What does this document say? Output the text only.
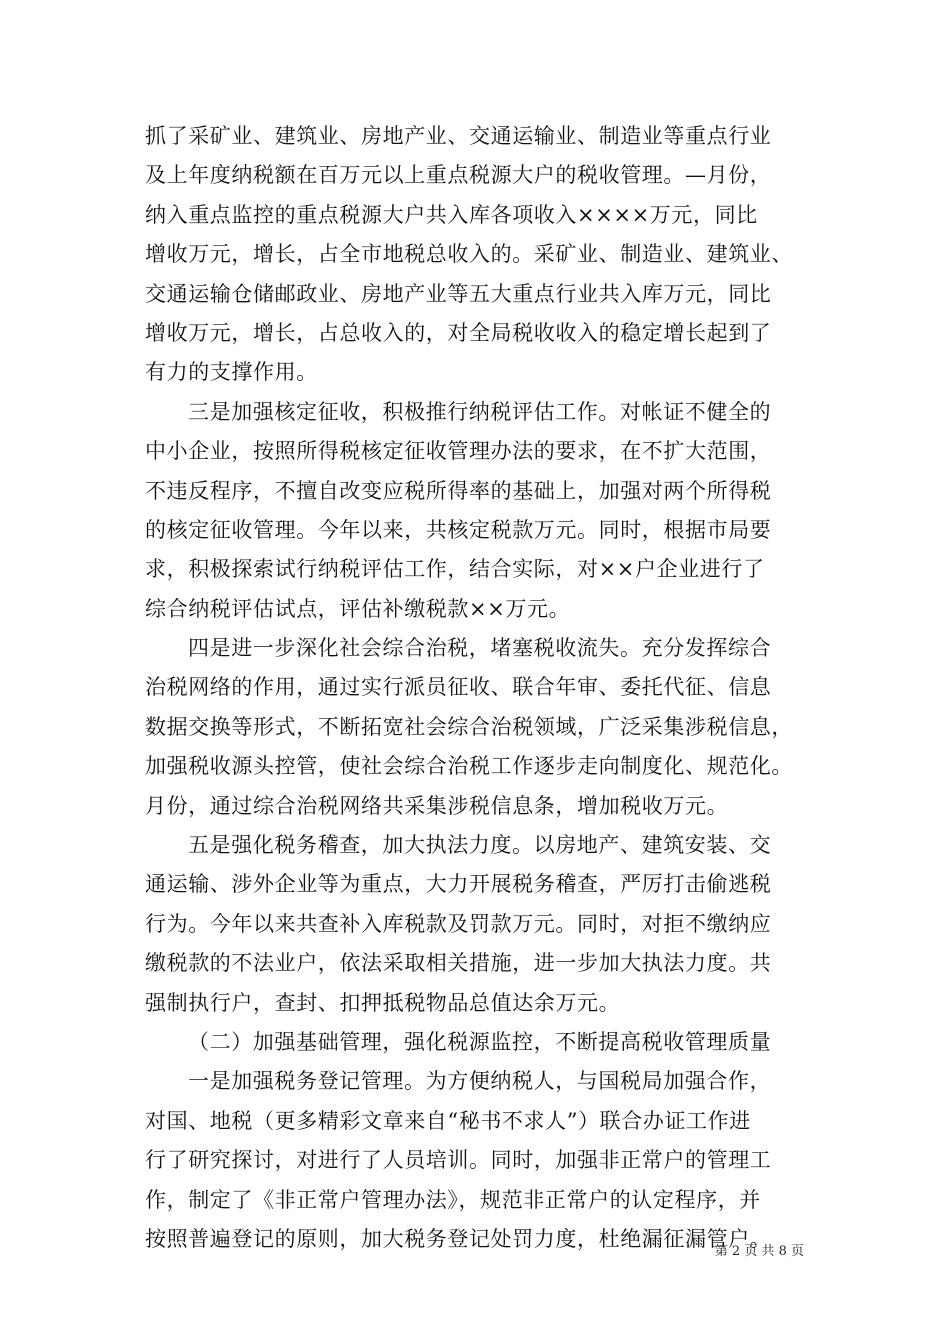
抓了采矿业、建筑业、房地产业、交通运输业、制造业等重点行业
及上年度纳税额在百万元以上重点税源大户的税收管理。—月份，
纳入重点监控的重点税源大户共入库各项收入××××万元，同比
增收万元，增长，占全市地税总收入的。采矿业、制造业、建筑业、
交通运输仓储邮政业、房地产业等五大重点行业共入库万元，同比
增收万元，增长，占总收入的，对全局税收收入的稳定增长起到了
有力的支撑作用。
三是加强核定征收，积极推行纳税评估工作。对帐证不健全的
中小企业，按照所得税核定征收管理办法的要求，在不扩大范围，
不违反程序，不擅自改变应税所得率的基础上，加强对两个所得税
的核定征收管理。今年以来，共核定税款万元。同时，根据市局要
求，积极探索试行纳税评估工作，结合实际，对××户企业进行了
综合纳税评估试点，评估补缴税款××万元。
四是进一步深化社会综合治税，堵塞税收流失。充分发挥综合
治税网络的作用，通过实行派员征收、联合年审、委托代征、信息
数据交换等形式，不断拓宽社会综合治税领域，广泛采集涉税信息，
加强税收源头控管，使社会综合治税工作逐步走向制度化、规范化。
月份，通过综合治税网络共采集涉税信息条，增加税收万元。
五是强化税务稽查，加大执法力度。以房地产、建筑安装、交
通运输、涉外企业等为重点，大力开展税务稽查，严厉打击偷逃税
行为。今年以来共查补入库税款及罚款万元。同时，对拒不缴纳应
缴税款的不法业户，依法采取相关措施，进一步加大执法力度。共
强制执行户，查封、扣押抵税物品总值达余万元。
（二）加强基础管理，强化税源监控，不断提高税收管理质量
一是加强税务登记管理。为方便纳税人，与国税局加强合作，
对国、地税（更多精彩文章来自“秘书不求人”）联合办证工作进
行了研究探讨，对进行了人员培训。同时，加强非正常户的管理工
作，制定了《非正常户管理办法》，规范非正常户的认定程序，并
按照普遍登记的原则，加大税务登记处罚力度，杜绝漏征漏管户。
第 2 页 共 8 页
